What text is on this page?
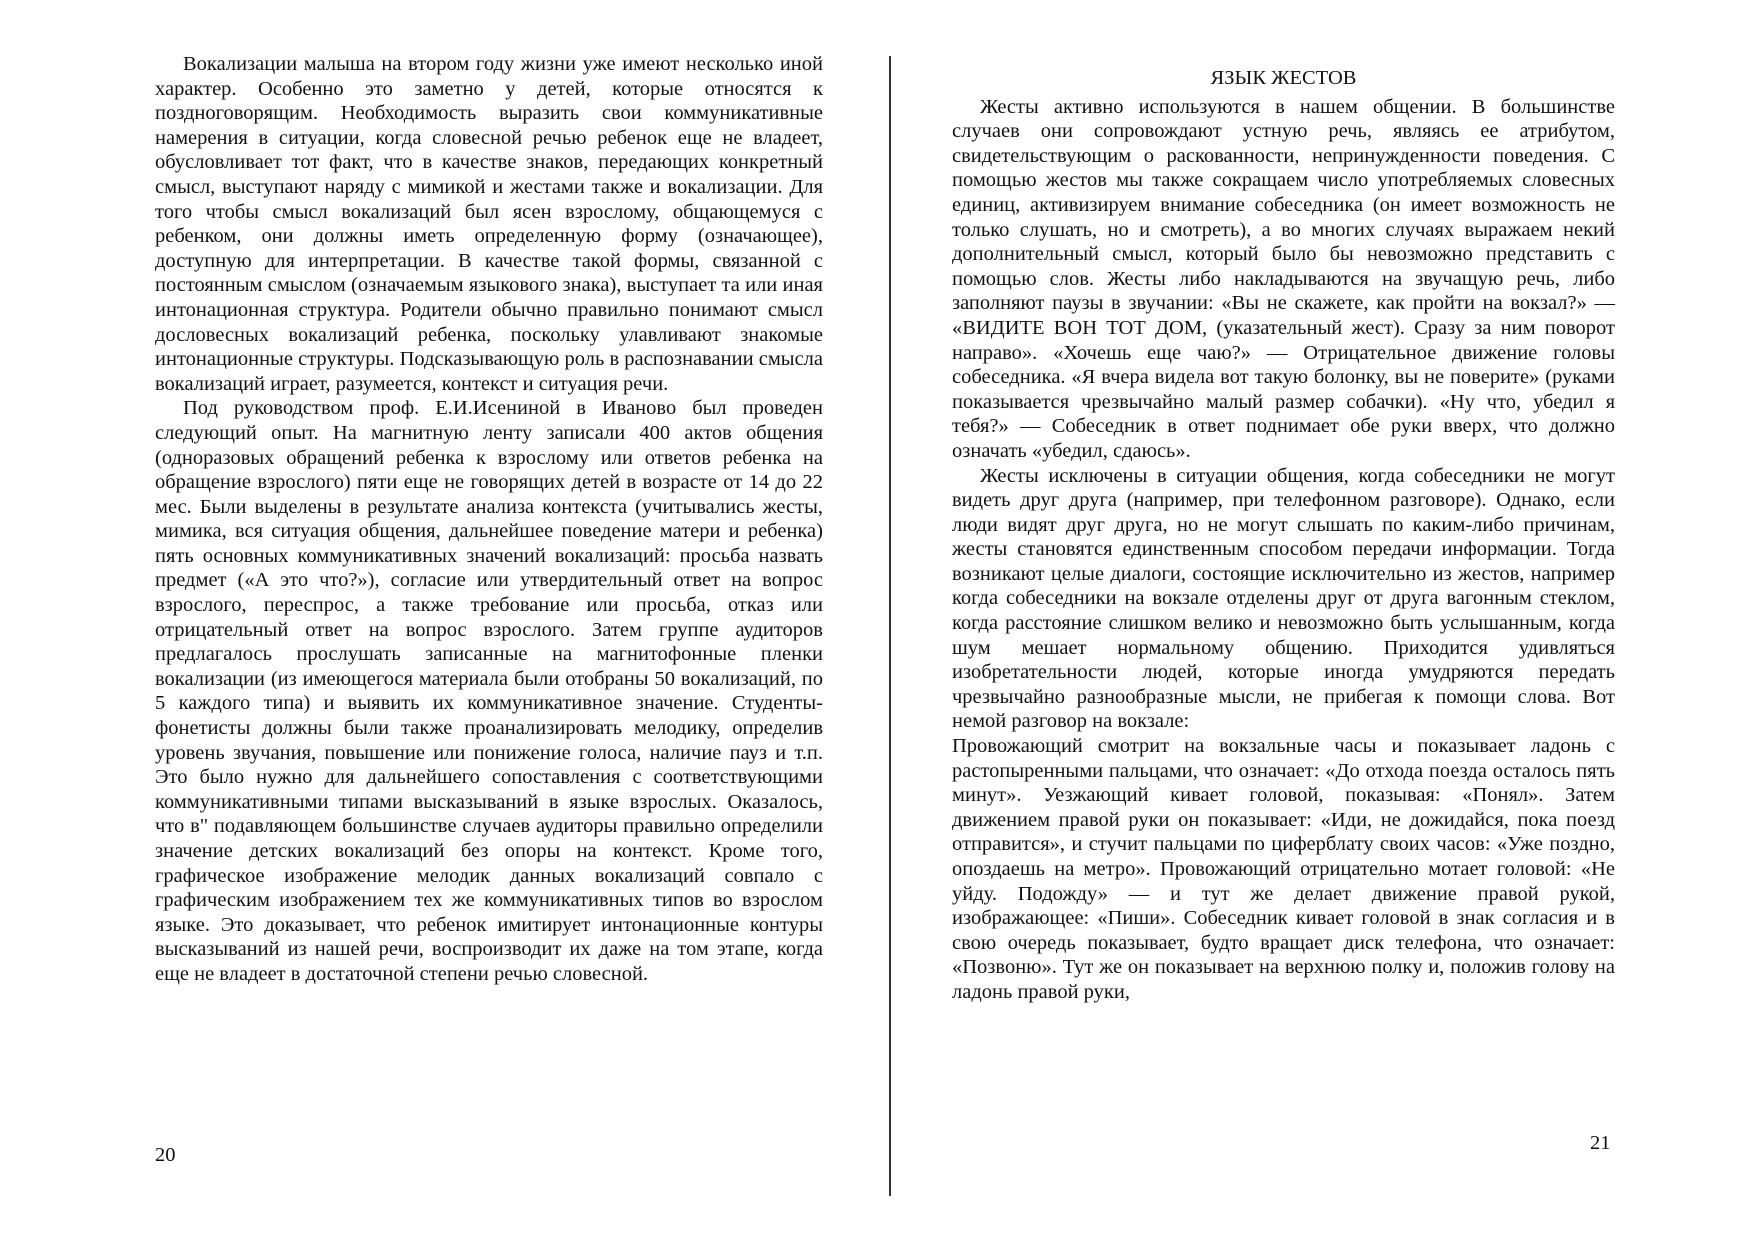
Вокализации малыша на втором году жизни уже имеют несколько иной характер. Особенно это заметно у детей, которые относятся к поздноговорящим. Необходимость выразить свои коммуникативные намерения в ситуации, когда словесной речью ребенок еще не владеет, обусловливает тот факт, что в качестве знаков, передающих конкретный смысл, выступают наряду с мимикой и жестами также и вокализации. Для того чтобы смысл вокализаций был ясен взрослому, общающемуся с ребенком, они должны иметь определенную форму (означающее), доступную для интерпретации. В качестве такой формы, связанной с постоянным смыслом (означаемым языкового знака), выступает та или иная интонационная структура. Родители обычно правильно понимают смысл дословесных вокализаций ребенка, поскольку улавливают знакомые интонационные структуры. Подсказывающую роль в распознавании смысла вокализаций играет, разумеется, контекст и ситуация речи.

Под руководством проф. Е.И.Исениной в Иваново был проведен следующий опыт. На магнитную ленту записали 400 актов общения (одноразовых обращений ребенка к взрослому или ответов ребенка на обращение взрослого) пяти еще не говорящих детей в возрасте от 14 до 22 мес. Были выделены в результате анализа контекста (учитывались жесты, мимика, вся ситуация общения, дальнейшее поведение матери и ребенка) пять основных коммуникативных значений вокализаций: просьба назвать предмет («А это что?»), согласие или утвердительный ответ на вопрос взрослого, переспрос, а также требование или просьба, отказ или отрицательный ответ на вопрос взрослого. Затем группе аудиторов предлагалось прослушать записанные на магнитофонные пленки вокализации (из имеющегося материала были отобраны 50 вокализаций, по 5 каждого типа) и выявить их коммуникативное значение. Студенты-фонетисты должны были также проанализировать мелодику, определив уровень звучания, повышение или понижение голоса, наличие пауз и т.п. Это было нужно для дальнейшего сопоставления с соответствующими коммуникативными типами высказываний в языке взрослых. Оказалось, что в" подавляющем большинстве случаев аудиторы правильно определили значение детских вокализаций без опоры на контекст. Кроме того, графическое изображение мелодик данных вокализаций совпало с графическим изображением тех же коммуникативных типов во взрослом языке. Это доказывает, что ребенок имитирует интонационные контуры высказываний из нашей речи, воспроизводит их даже на том этапе, когда еще не владеет в достаточной степени речью словесной.

ЯЗЫК ЖЕСТОВ

Жесты активно используются в нашем общении. В большинстве случаев они сопровождают устную речь, являясь ее атрибутом, свидетельствующим о раскованности, непринужденности поведения. С помощью жестов мы также сокращаем число употребляемых словесных единиц, активизируем внимание собеседника (он имеет возможность не только слушать, но и смотреть), а во многих случаях выражаем некий дополнительный смысл, который было бы невозможно представить с помощью слов. Жесты либо накладываются на звучащую речь, либо заполняют паузы в звучании: «Вы не скажете, как пройти на вокзал?» — «ВИДИТЕ ВОН ТОТ ДОМ, (указательный жест). Сразу за ним поворот направо». «Хочешь еще чаю?» — Отрицательное движение головы собеседника. «Я вчера видела вот такую болонку, вы не поверите» (руками показывается чрезвычайно малый размер собачки). «Ну что, убедил я тебя?» — Собеседник в ответ поднимает обе руки вверх, что должно означать «убедил, сдаюсь».

Жесты исключены в ситуации общения, когда собеседники не могут видеть друг друга (например, при телефонном разговоре). Однако, если люди видят друг друга, но не могут слышать по каким-либо причинам, жесты становятся единственным способом передачи информации. Тогда возникают целые диалоги, состоящие исключительно из жестов, например когда собеседники на вокзале отделены друг от друга вагонным стеклом, когда расстояние слишком велико и невозможно быть услышанным, когда шум мешает нормальному общению. Приходится удивляться изобретательности людей, которые иногда умудряются передать чрезвычайно разнообразные мысли, не прибегая к помощи слова. Вот немой разговор на вокзале:

Провожающий смотрит на вокзальные часы и показывает ладонь с растопыренными пальцами, что означает: «До отхода поезда осталось пять минут». Уезжающий кивает головой, показывая: «Понял». Затем движением правой руки он показывает: «Иди, не дожидайся, пока поезд отправится», и стучит пальцами по циферблату своих часов: «Уже поздно, опоздаешь на метро». Провожающий отрицательно мотает головой: «Не уйду. Подожду» — и тут же делает движение правой рукой, изображающее: «Пиши». Собеседник кивает головой в знак согласия и в свою очередь показывает, будто вращает диск телефона, что означает: «Позвоню». Тут же он показывает на верхнюю полку и, положив голову на ладонь правой руки,

20
21
